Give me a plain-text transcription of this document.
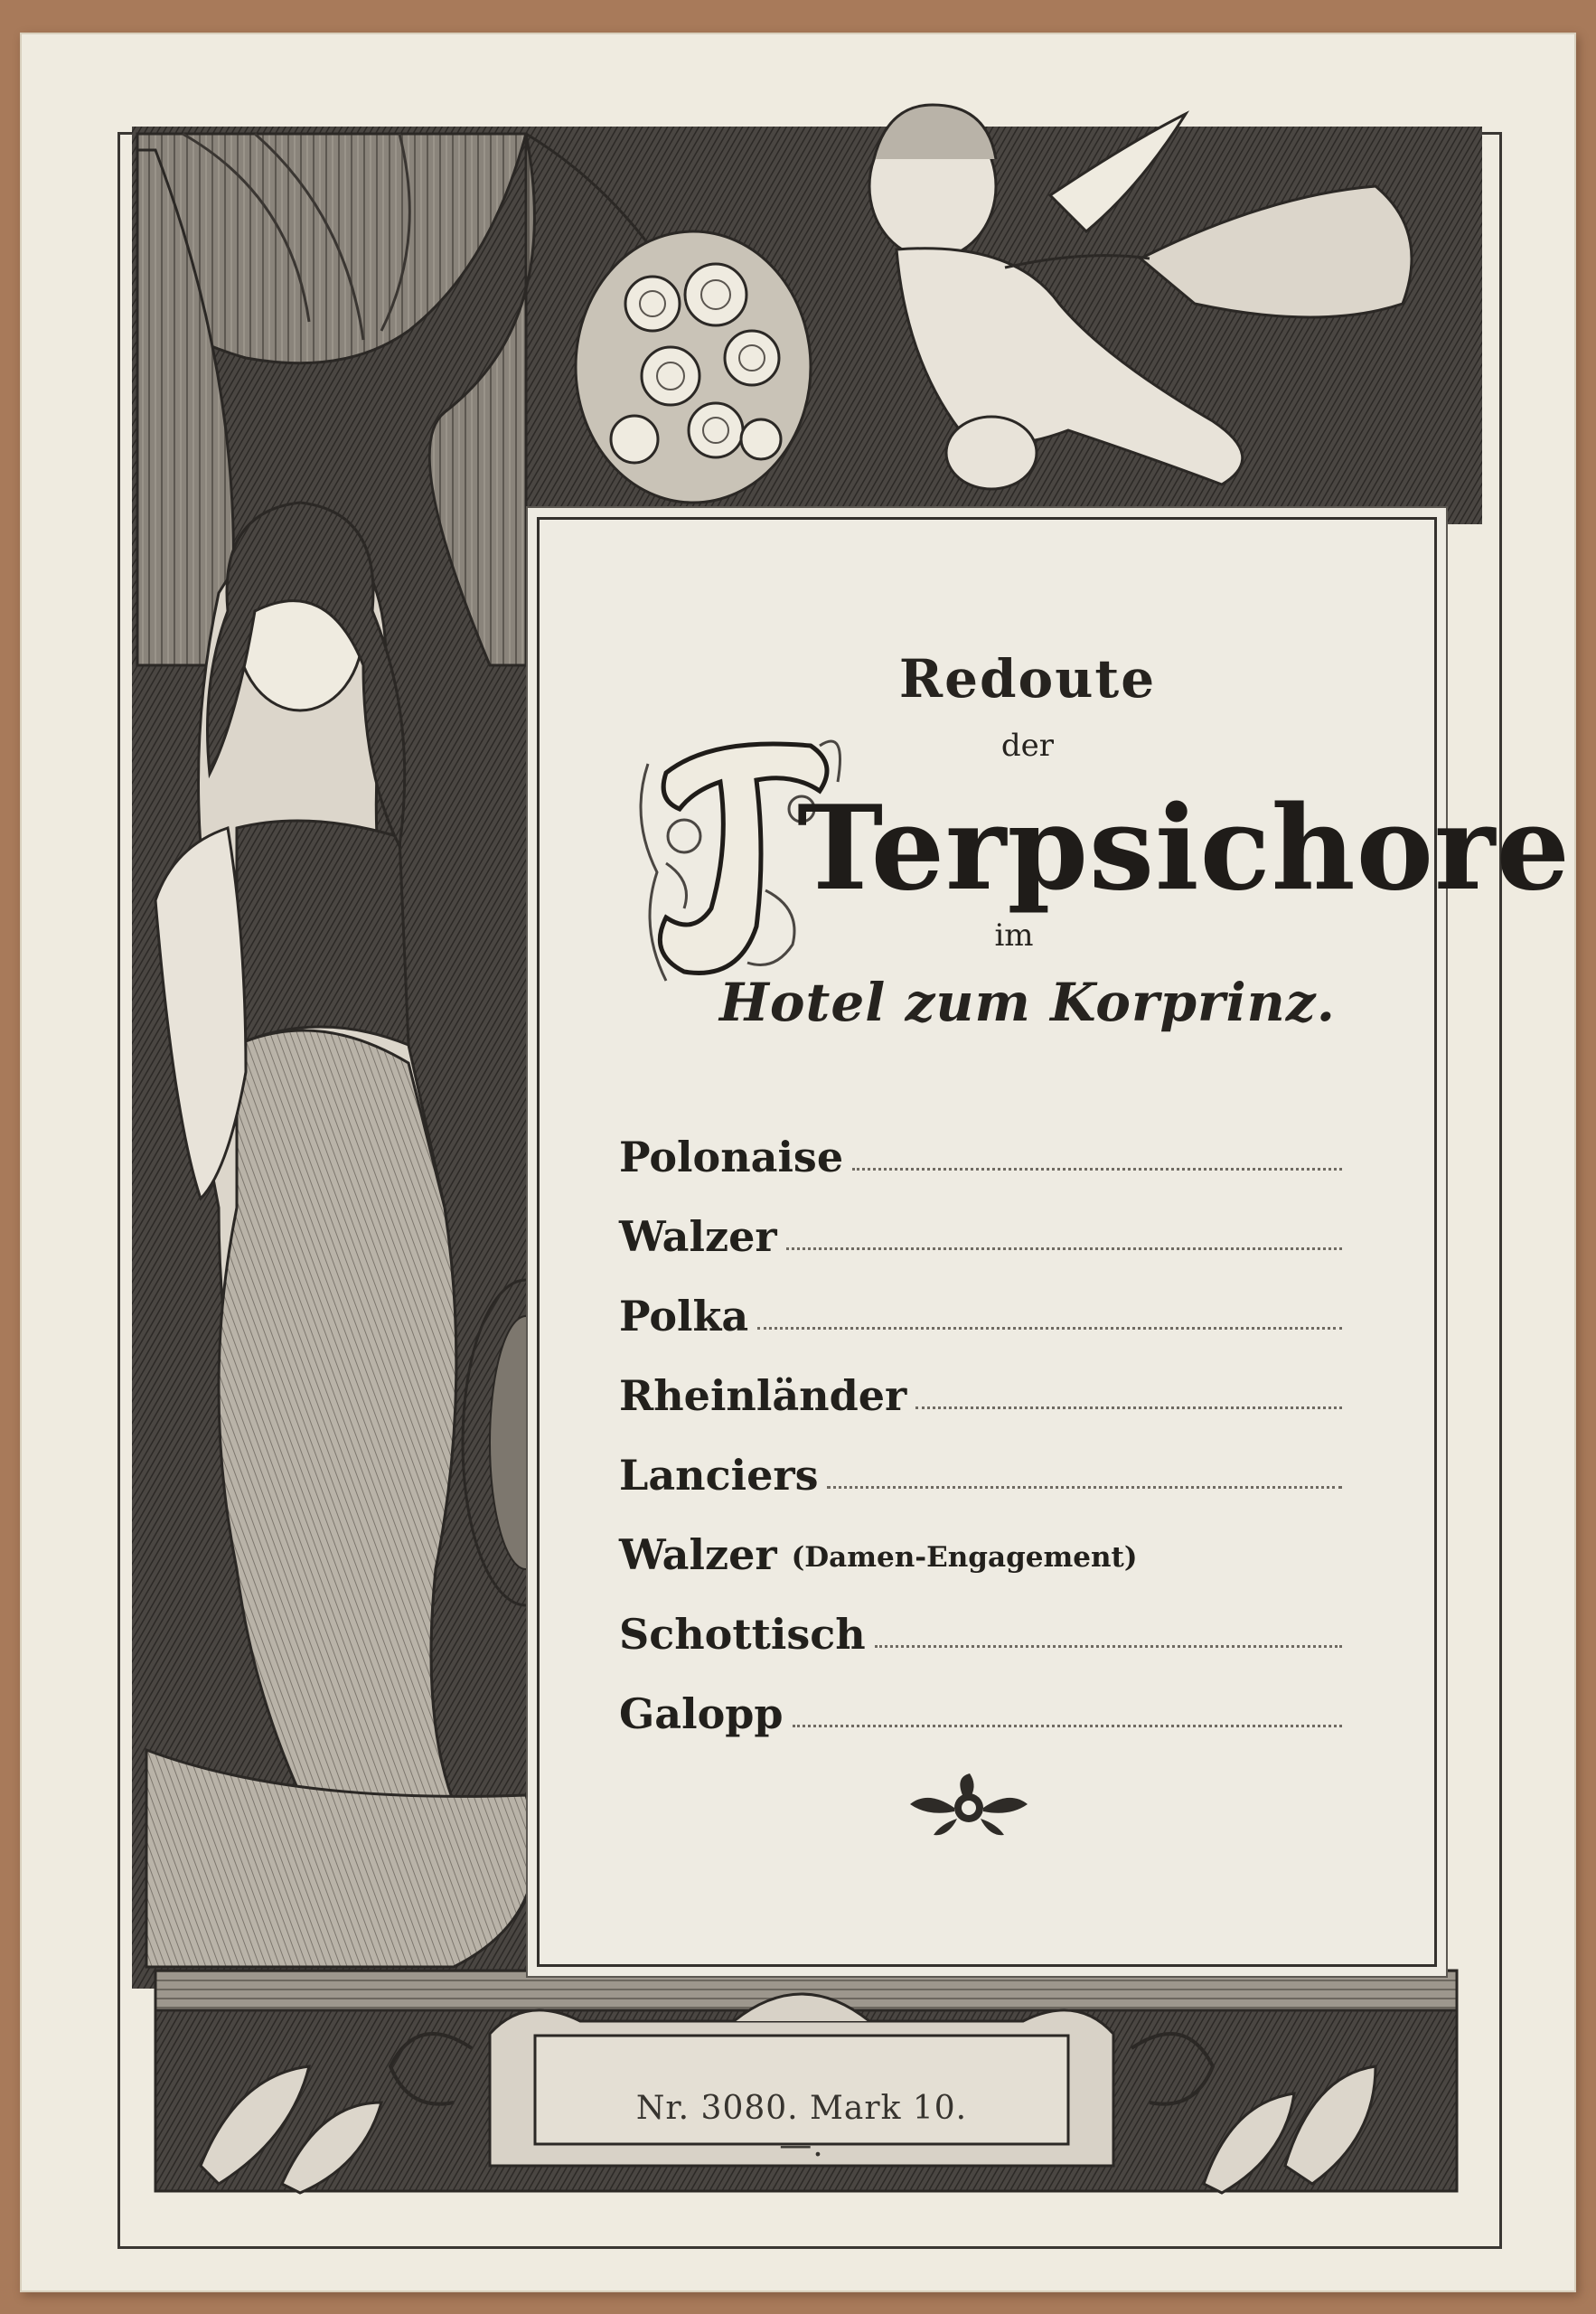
Redoute
der
Terpsichore
im
Hotel zum Korprinz.
Polonaise
Walzer
Polka
Rheinländer
Lanciers
Walzer (Damen-Engagement)
Schottisch
Galopp
Nr. 3080. Mark 10.—.
